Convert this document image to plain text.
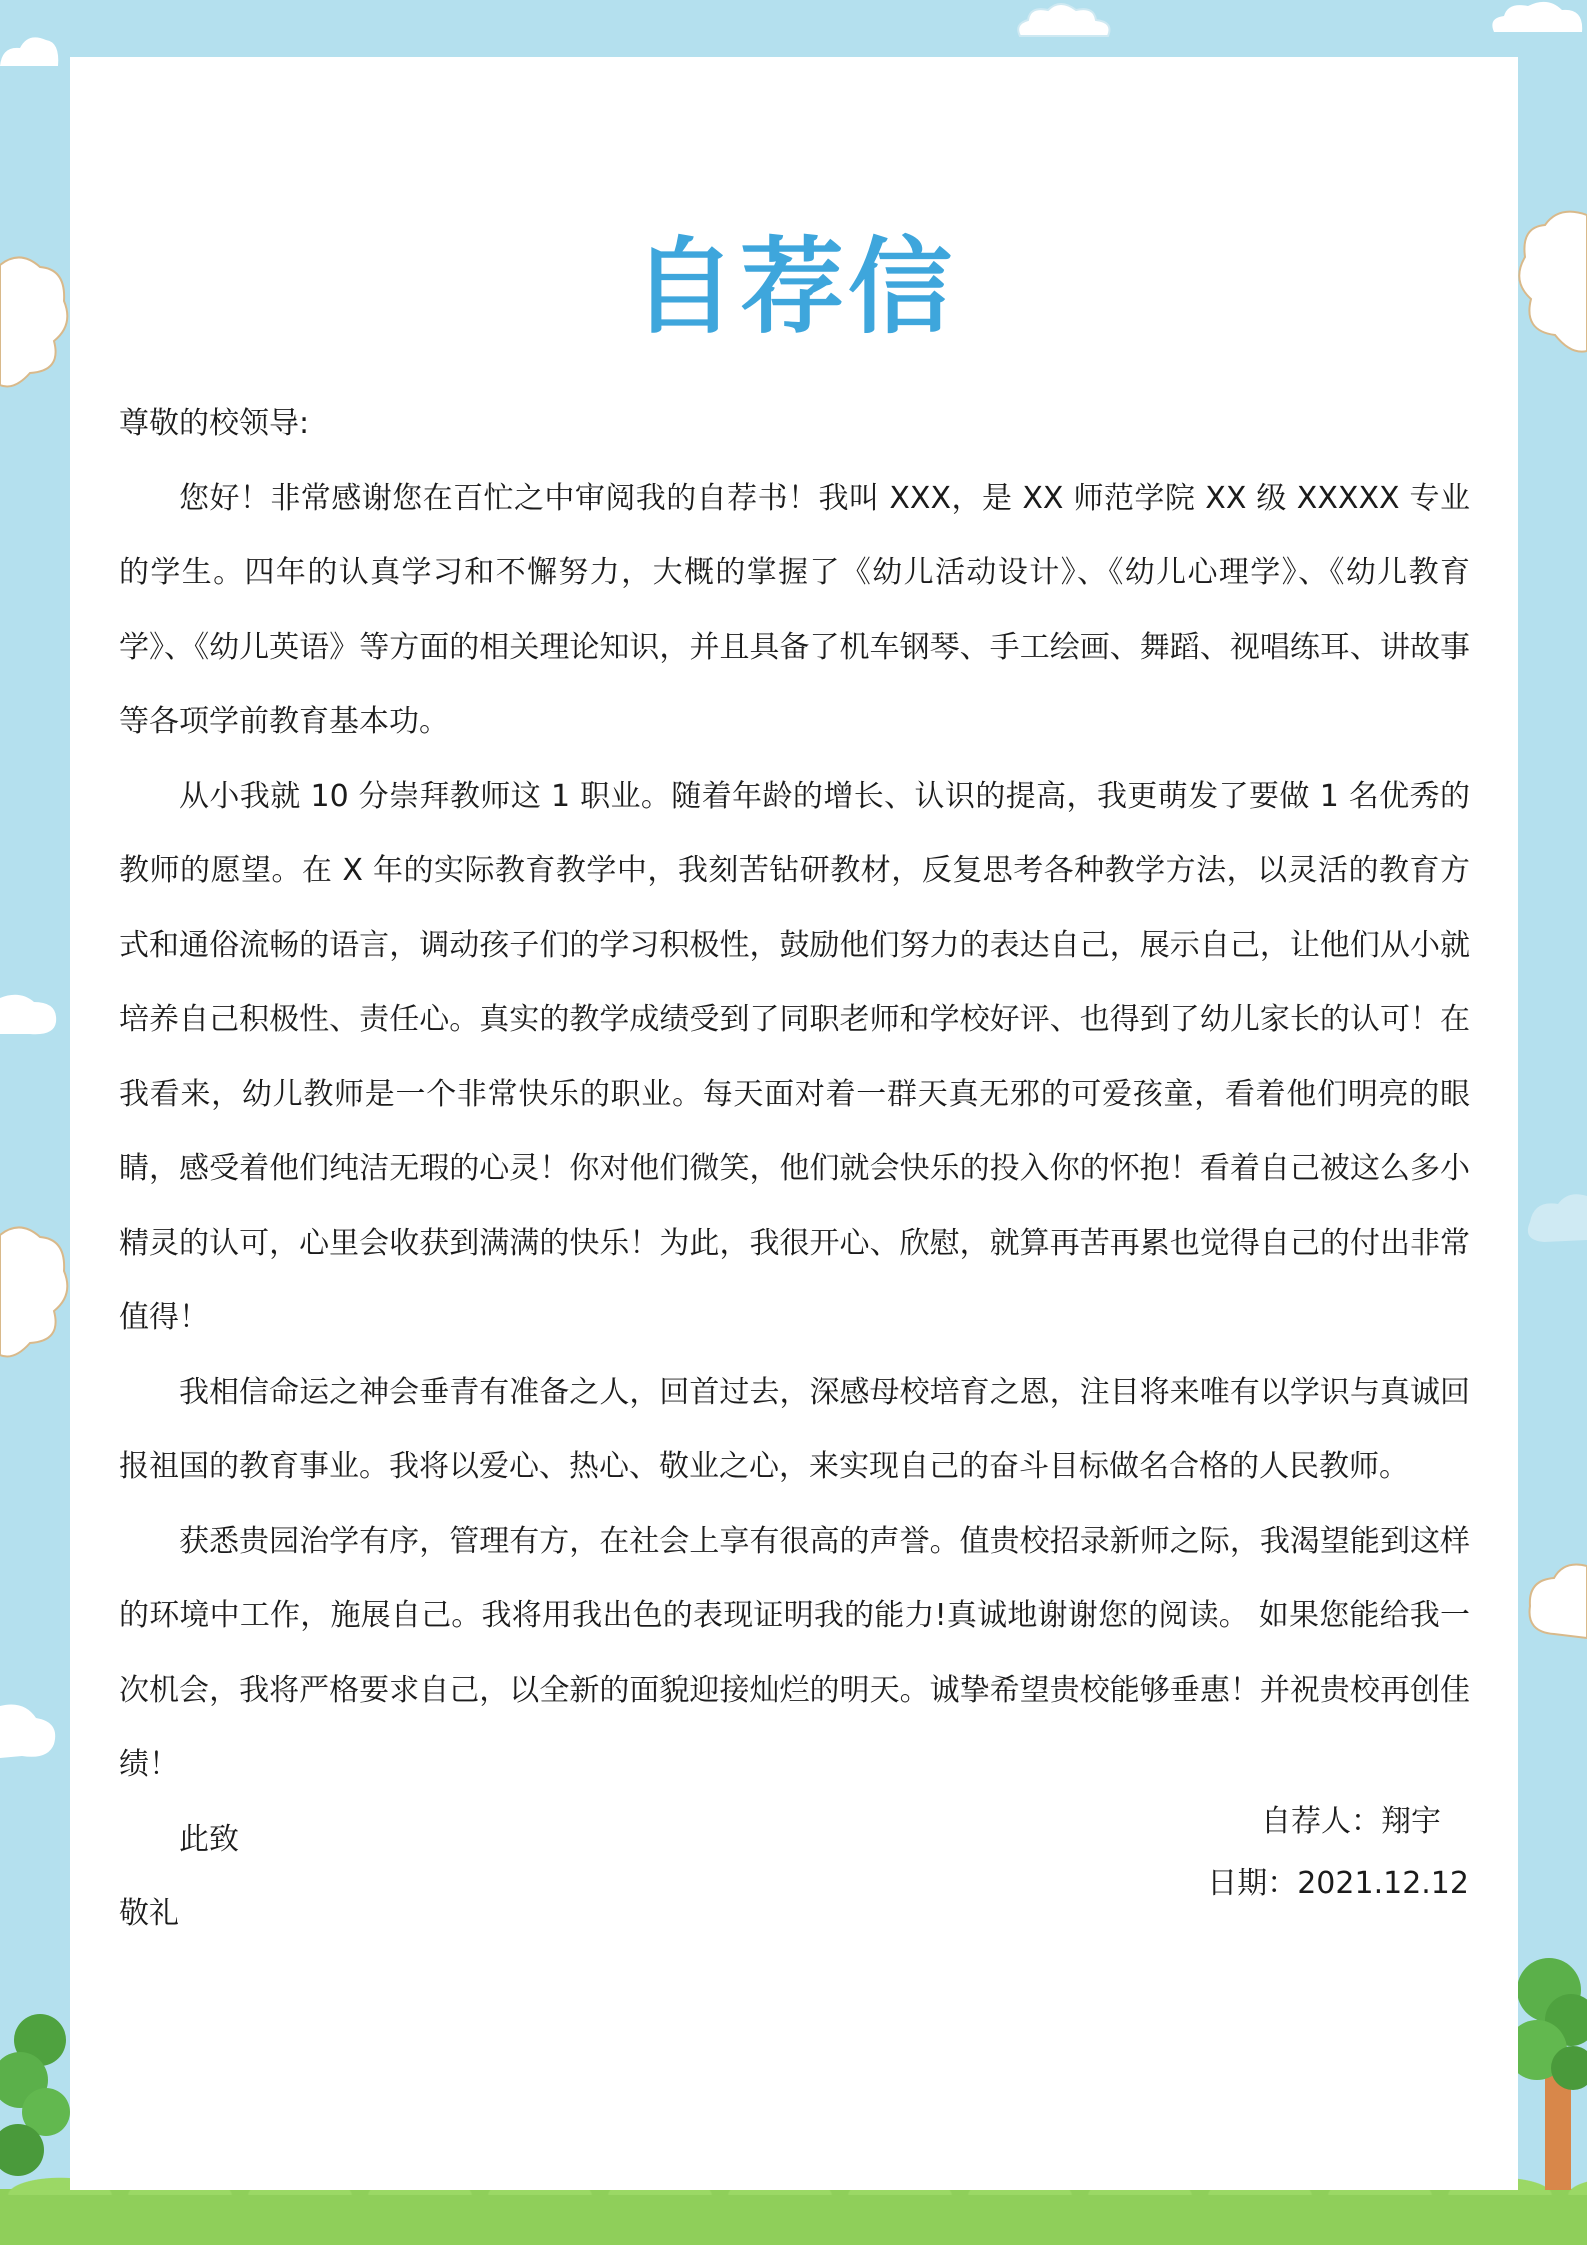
自荐信

尊敬的校领导:

您好！非常感谢您在百忙之中审阅我的自荐书！我叫 XXX，是 XX 师范学院 XX 级 XXXXX 专业的学生。四年的认真学习和不懈努力，大概的掌握了《幼儿活动设计》、《幼儿心理学》、《幼儿教育学》、《幼儿英语》等方面的相关理论知识，并且具备了机车钢琴、手工绘画、舞蹈、视唱练耳、讲故事等各项学前教育基本功。

从小我就 10 分崇拜教师这 1 职业。随着年龄的增长、认识的提高，我更萌发了要做 1 名优秀的教师的愿望。在 X 年的实际教育教学中，我刻苦钻研教材，反复思考各种教学方法，以灵活的教育方式和通俗流畅的语言，调动孩子们的学习积极性，鼓励他们努力的表达自己，展示自己，让他们从小就培养自己积极性、责任心。真实的教学成绩受到了同职老师和学校好评、也得到了幼儿家长的认可！在我看来，幼儿教师是一个非常快乐的职业。每天面对着一群天真无邪的可爱孩童，看着他们明亮的眼睛，感受着他们纯洁无瑕的心灵！你对他们微笑，他们就会快乐的投入你的怀抱！看着自己被这么多小精灵的认可，心里会收获到满满的快乐！为此，我很开心、欣慰，就算再苦再累也觉得自己的付出非常值得！

我相信命运之神会垂青有准备之人，回首过去，深感母校培育之恩，注目将来唯有以学识与真诚回报祖国的教育事业。我将以爱心、热心、敬业之心，来实现自己的奋斗目标做名合格的人民教师。

获悉贵园治学有序，管理有方，在社会上享有很高的声誉。值贵校招录新师之际，我渴望能到这样的环境中工作，施展自己。我将用我出色的表现证明我的能力!真诚地谢谢您的阅读。 如果您能给我一次机会，我将严格要求自己，以全新的面貌迎接灿烂的明天。诚挚希望贵校能够垂惠！并祝贵校再创佳绩！

此致

敬礼

自荐人：翔宇
日期：2021.12.12
